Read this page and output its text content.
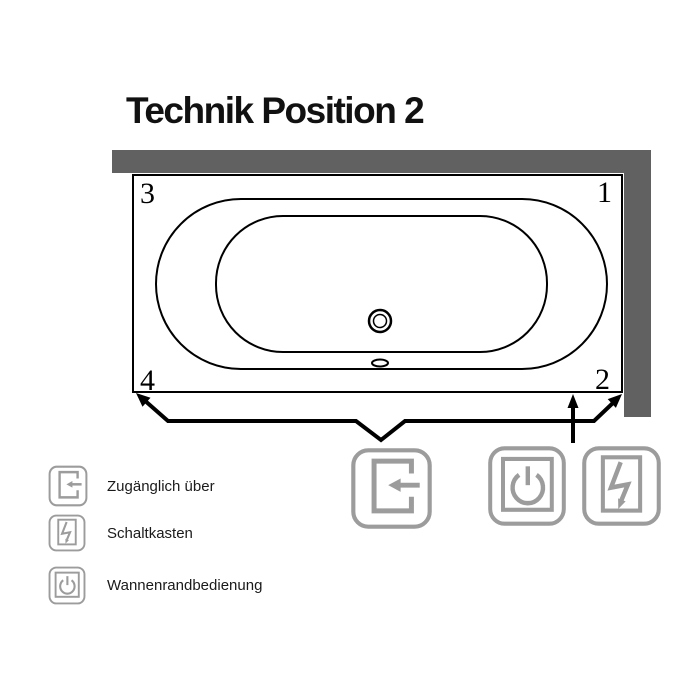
Technik Position 2
3	1
4	2
Zugänglich über
Schaltkasten
Wannenrandbedienung
